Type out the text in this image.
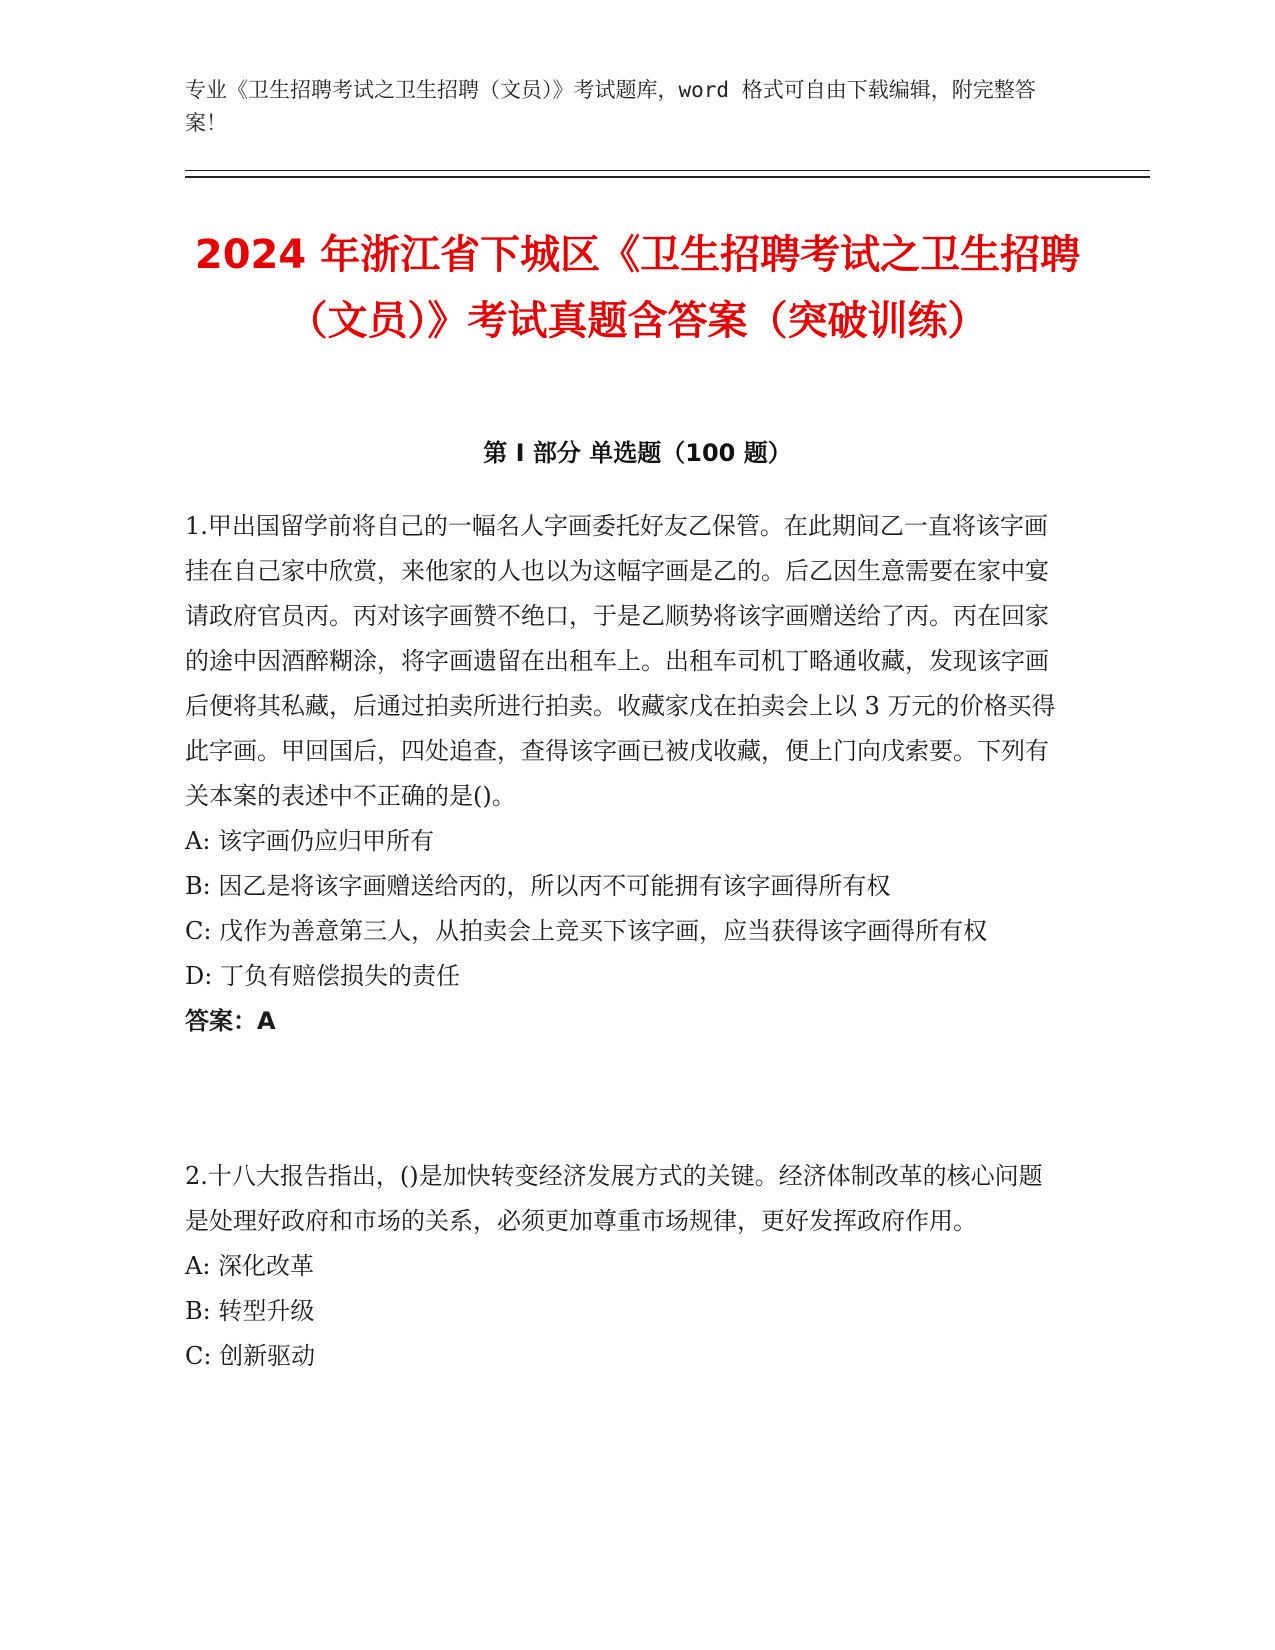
专业《卫生招聘考试之卫生招聘（文员）》考试题库，word 格式可自由下载编辑，附完整答案！
2024 年浙江省下城区《卫生招聘考试之卫生招聘（文员）》考试真题含答案（突破训练）
第 I 部分 单选题（100 题）

1.甲出国留学前将自己的一幅名人字画委托好友乙保管。在此期间乙一直将该字画挂在自己家中欣赏，来他家的人也以为这幅字画是乙的。后乙因生意需要在家中宴请政府官员丙。丙对该字画赞不绝口，于是乙顺势将该字画赠送给了丙。丙在回家的途中因酒醉糊涂，将字画遗留在出租车上。出租车司机丁略通收藏，发现该字画后便将其私藏，后通过拍卖所进行拍卖。收藏家戊在拍卖会上以 3 万元的价格买得此字画。甲回国后，四处追查，查得该字画已被戊收藏，便上门向戊索要。下列有关本案的表述中不正确的是()。

A: 该字画仍应归甲所有

B: 因乙是将该字画赠送给丙的，所以丙不可能拥有该字画得所有权

C: 戊作为善意第三人，从拍卖会上竞买下该字画，应当获得该字画得所有权

D: 丁负有赔偿损失的责任

答案：A

2.十八大报告指出，()是加快转变经济发展方式的关键。经济体制改革的核心问题是处理好政府和市场的关系，必须更加尊重市场规律，更好发挥政府作用。

A: 深化改革

B: 转型升级

C: 创新驱动
